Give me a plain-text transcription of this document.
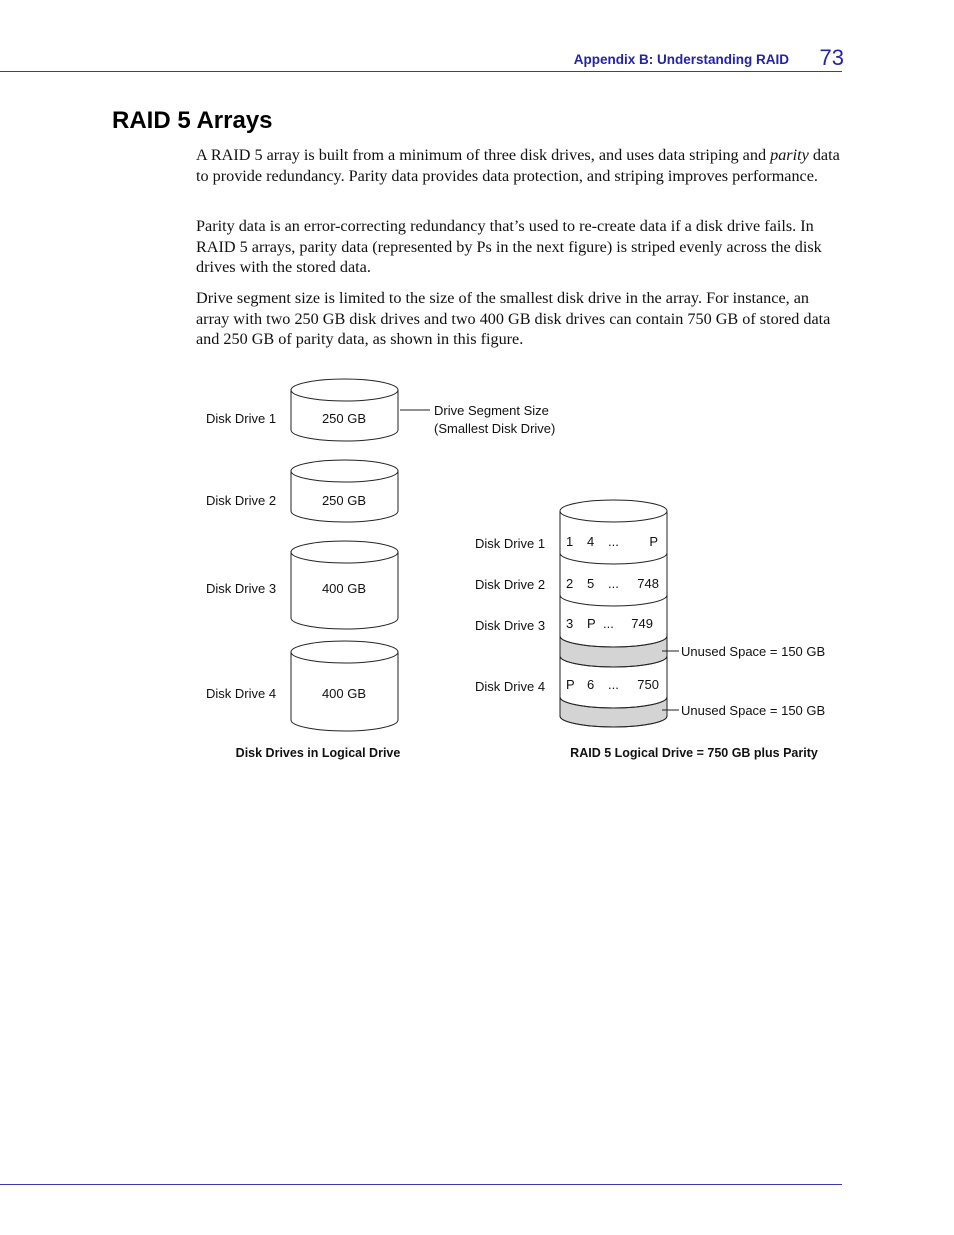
Appendix B: Understanding RAID	73
RAID 5 Arrays

A RAID 5 array is built from a minimum of three disk drives, and uses data striping and parity data to provide redundancy. Parity data provides data protection, and striping improves performance.

Parity data is an error-correcting redundancy that’s used to re-create data if a disk drive fails. In RAID 5 arrays, parity data (represented by Ps in the next figure) is striped evenly across the disk drives with the stored data.

Drive segment size is limited to the size of the smallest disk drive in the array. For instance, an array with two 250 GB disk drives and two 400 GB disk drives can contain 750 GB of stored data and 250 GB of parity data, as shown in this figure.

Disk Drive 1	250 GB
Disk Drive 2	250 GB
Disk Drive 3	400 GB
Disk Drive 4	400 GB
Drive Segment Size
(Smallest Disk Drive)
Disk Drives in Logical Drive
Disk Drive 1 1 4 ... P
Disk Drive 2 2 5 ... 748
Disk Drive 3 3 P ... 749
Disk Drive 4 P 6 ... 750
Unused Space = 150 GB
Unused Space = 150 GB
RAID 5 Logical Drive = 750 GB plus Parity
